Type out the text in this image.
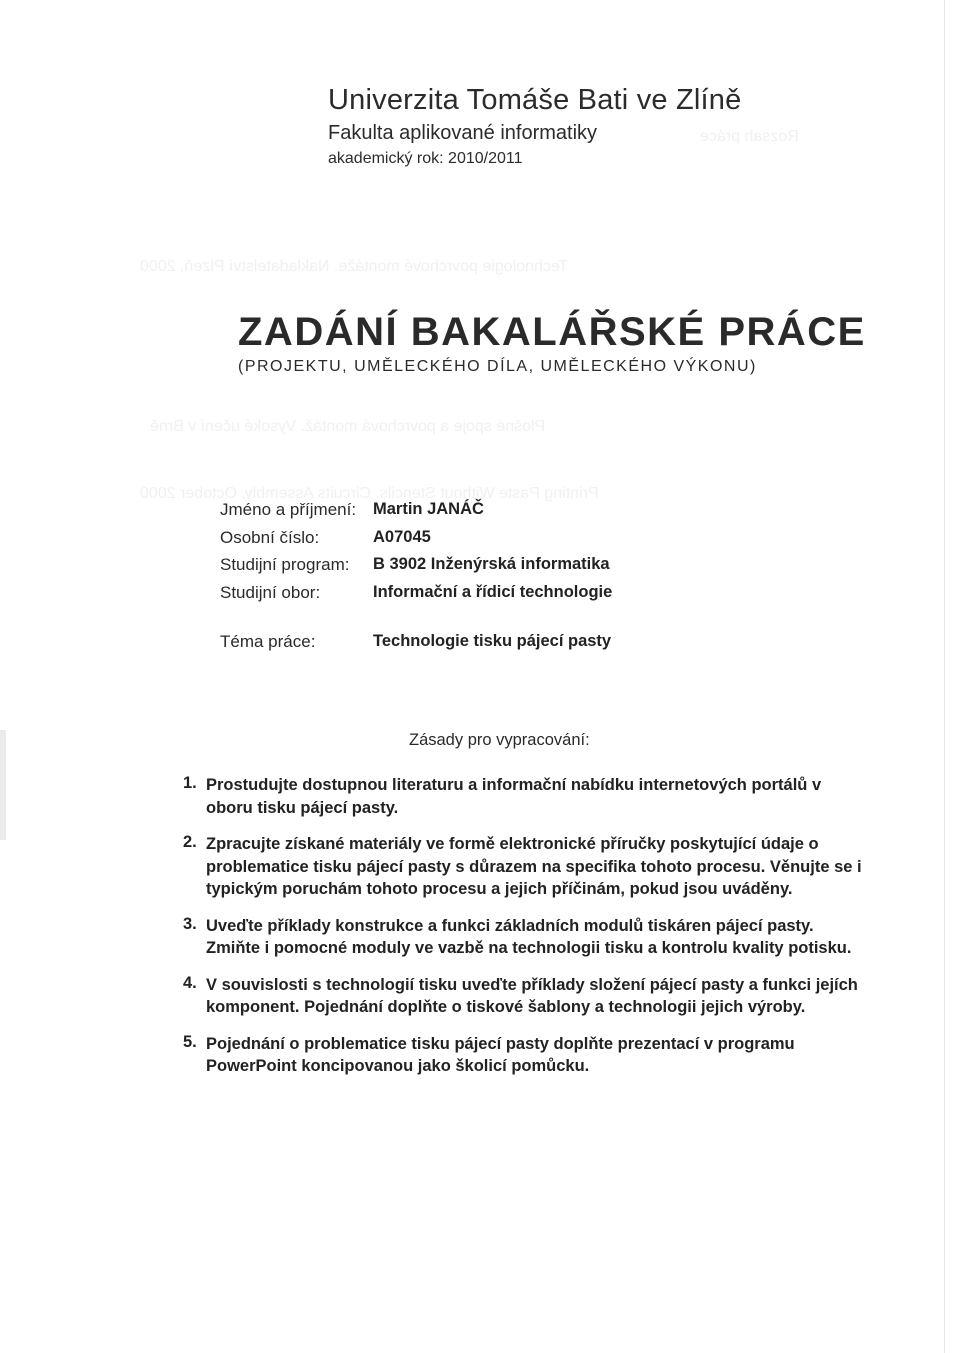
Rozsah práce
Technologie povrchové montáže. Nakladatelství Plzeň, 2000
Plošné spoje a povrchová montáž. Vysoké učení v Brně
Printing Paste Without Stencils. Circuits Assembly, October 2000
Univerzita Tomáše Bati ve Zlíně
Fakulta aplikované informatiky
akademický rok: 2010/2011
ZADÁNÍ BAKALÁŘSKÉ PRÁCE
(PROJEKTU, UMĚLECKÉHO DÍLA, UMĚLECKÉHO VÝKONU)
Jméno a příjmení: Martin JANÁČ
Osobní číslo:	A07045
Studijní program: B 3902 Inženýrská informatika
Studijní obor:	Informační a řídicí technologie
Téma práce:	Technologie tisku pájecí pasty
Zásady pro vypracování:
1. Prostudujte dostupnou literaturu a informační nabídku internetových portálů v oboru tisku pájecí pasty.
2. Zpracujte získané materiály ve formě elektronické příručky poskytující údaje o problematice tisku pájecí pasty s důrazem na specifika tohoto procesu. Věnujte se i typickým poruchám tohoto procesu a jejich příčinám, pokud jsou uváděny.
3. Uveďte příklady konstrukce a funkci základních modulů tiskáren pájecí pasty. Zmiňte i pomocné moduly ve vazbě na technologii tisku a kontrolu kvality potisku.
4. V souvislosti s technologií tisku uveďte příklady složení pájecí pasty a funkci jejích komponent. Pojednání doplňte o tiskové šablony a technologii jejich výroby.
5. Pojednání o problematice tisku pájecí pasty doplňte prezentací v programu PowerPoint koncipovanou jako školicí pomůcku.
